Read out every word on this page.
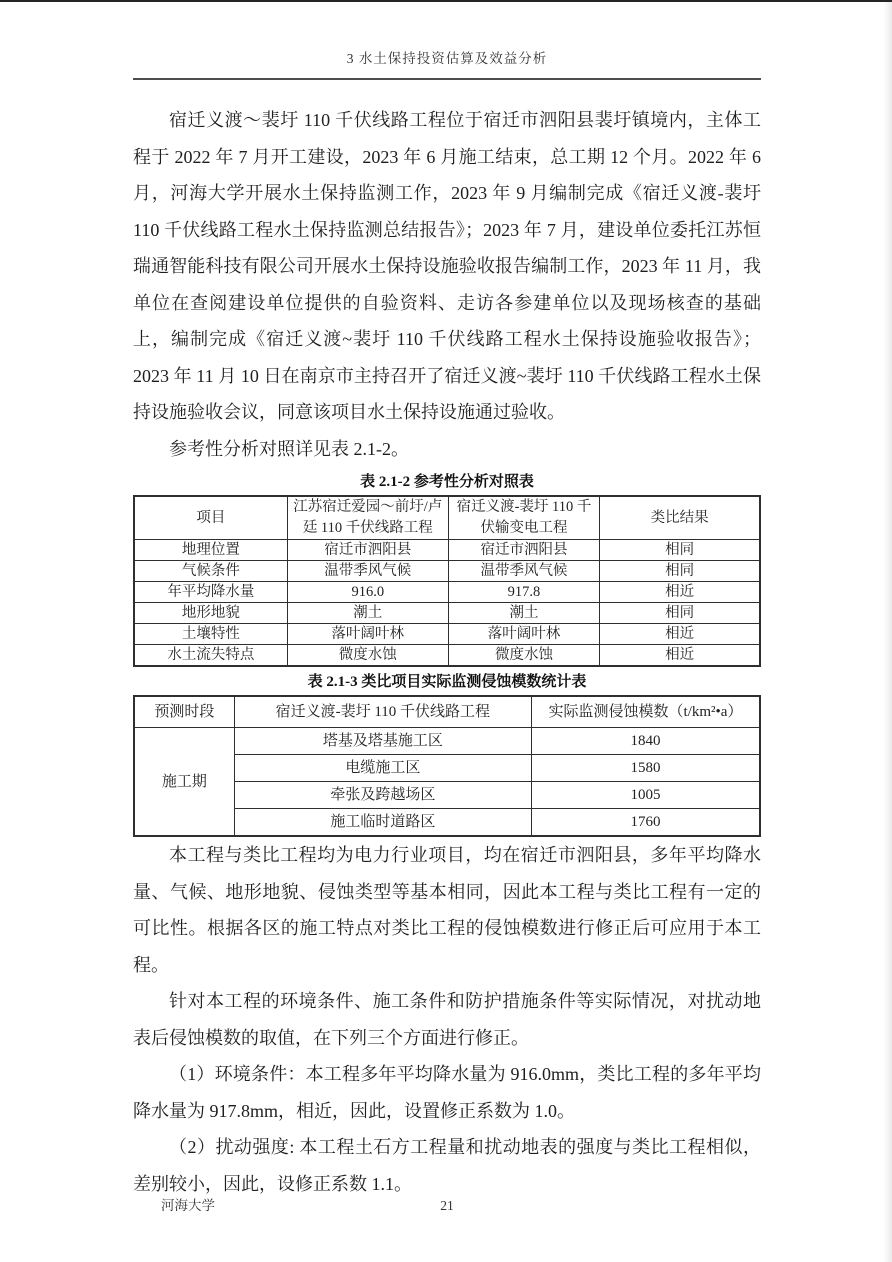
3 水土保持投资估算及效益分析

宿迁义渡～裴圩 110 千伏线路工程位于宿迁市泗阳县裴圩镇境内，主体工程于 2022 年 7 月开工建设，2023 年 6 月施工结束，总工期 12 个月。2022 年 6 月，河海大学开展水土保持监测工作，2023 年 9 月编制完成《宿迁义渡-裴圩 110 千伏线路工程水土保持监测总结报告》；2023 年 7 月，建设单位委托江苏恒瑞通智能科技有限公司开展水土保持设施验收报告编制工作，2023 年 11 月，我单位在查阅建设单位提供的自验资料、走访各参建单位以及现场核查的基础上，编制完成《宿迁义渡~裴圩 110 千伏线路工程水土保持设施验收报告》；2023 年 11 月 10 日在南京市主持召开了宿迁义渡~裴圩 110 千伏线路工程水土保持设施验收会议，同意该项目水土保持设施通过验收。

参考性分析对照详见表 2.1-2。

表 2.1-2 参考性分析对照表
项目	江苏宿迁爱园～前圩/卢廷 110 千伏线路工程	宿迁义渡-裴圩 110 千伏输变电工程	类比结果
地理位置	宿迁市泗阳县	宿迁市泗阳县	相同
气候条件	温带季风气候	温带季风气候	相同
年平均降水量	916.0	917.8	相近
地形地貌	潮土	潮土	相同
土壤特性	落叶阔叶林	落叶阔叶林	相近
水土流失特点	微度水蚀	微度水蚀	相近
表 2.1-3 类比项目实际监测侵蚀模数统计表
预测时段	宿迁义渡-裴圩 110 千伏线路工程	实际监测侵蚀模数（t/km²•a）
施工期	塔基及塔基施工区	1840
	电缆施工区	1580
	牵张及跨越场区	1005
	施工临时道路区	1760

本工程与类比工程均为电力行业项目，均在宿迁市泗阳县，多年平均降水量、气候、地形地貌、侵蚀类型等基本相同，因此本工程与类比工程有一定的可比性。根据各区的施工特点对类比工程的侵蚀模数进行修正后可应用于本工程。

针对本工程的环境条件、施工条件和防护措施条件等实际情况，对扰动地表后侵蚀模数的取值，在下列三个方面进行修正。

（1）环境条件：本工程多年平均降水量为 916.0mm，类比工程的多年平均降水量为 917.8mm，相近，因此，设置修正系数为 1.0。

（2）扰动强度: 本工程土石方工程量和扰动地表的强度与类比工程相似，差别较小，因此，设修正系数 1.1。

21
河海大学
